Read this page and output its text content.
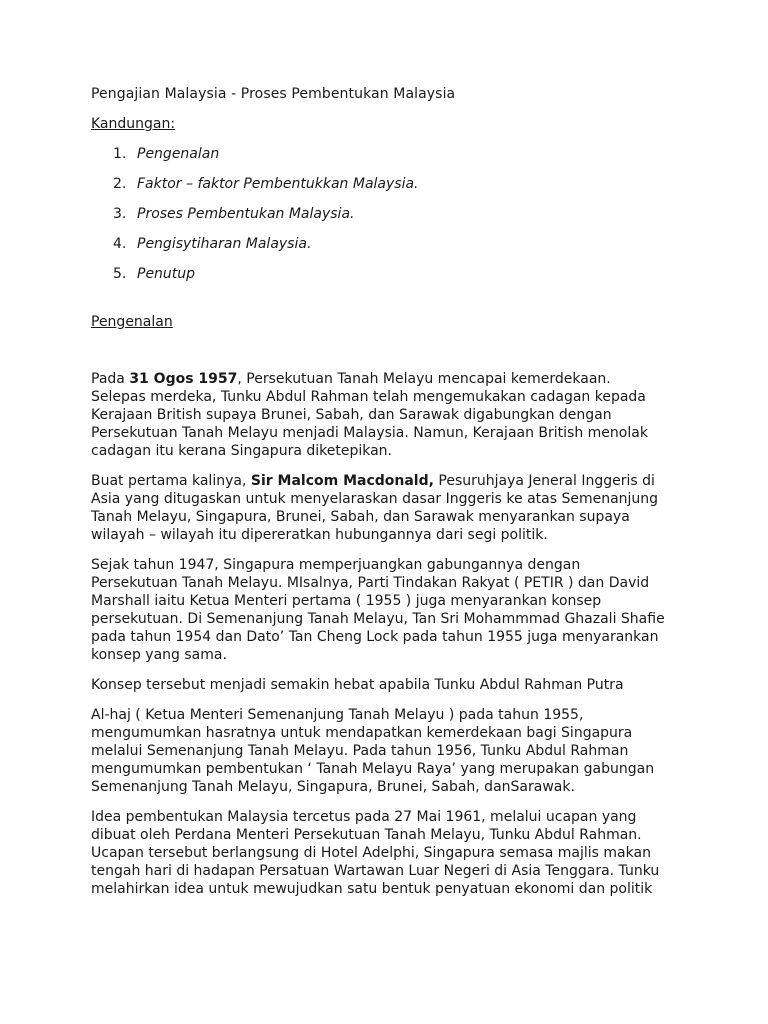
Pengajian Malaysia - Proses Pembentukan Malaysia

Kandungan:

1. Pengenalan
2. Faktor – faktor Pembentukkan Malaysia.
3. Proses Pembentukan Malaysia.
4. Pengisytiharan Malaysia.
5. Penutup

Pengenalan

Pada 31 Ogos 1957, Persekutuan Tanah Melayu mencapai kemerdekaan.
Selepas merdeka, Tunku Abdul Rahman telah mengemukakan cadagan kepada
Kerajaan British supaya Brunei, Sabah, dan Sarawak digabungkan dengan
Persekutuan Tanah Melayu menjadi Malaysia. Namun, Kerajaan British menolak
cadagan itu kerana Singapura diketepikan.

Buat pertama kalinya, Sir Malcom Macdonald, Pesuruhjaya Jeneral Inggeris di
Asia yang ditugaskan untuk menyelaraskan dasar Inggeris ke atas Semenanjung
Tanah Melayu, Singapura, Brunei, Sabah, dan Sarawak menyarankan supaya
wilayah – wilayah itu dipereratkan hubungannya dari segi politik.

Sejak tahun 1947, Singapura memperjuangkan gabungannya dengan
Persekutuan Tanah Melayu. MIsalnya, Parti Tindakan Rakyat ( PETIR ) dan David
Marshall iaitu Ketua Menteri pertama ( 1955 ) juga menyarankan konsep
persekutuan. Di Semenanjung Tanah Melayu, Tan Sri Mohammmad Ghazali Shafie
pada tahun 1954 dan Dato’ Tan Cheng Lock pada tahun 1955 juga menyarankan
konsep yang sama.

Konsep tersebut menjadi semakin hebat apabila Tunku Abdul Rahman Putra

Al-haj ( Ketua Menteri Semenanjung Tanah Melayu ) pada tahun 1955,
mengumumkan hasratnya untuk mendapatkan kemerdekaan bagi Singapura
melalui Semenanjung Tanah Melayu. Pada tahun 1956, Tunku Abdul Rahman
mengumumkan pembentukan ‘ Tanah Melayu Raya’ yang merupakan gabungan
Semenanjung Tanah Melayu, Singapura, Brunei, Sabah, danSarawak.

Idea pembentukan Malaysia tercetus pada 27 Mai 1961, melalui ucapan yang
dibuat oleh Perdana Menteri Persekutuan Tanah Melayu, Tunku Abdul Rahman.
Ucapan tersebut berlangsung di Hotel Adelphi, Singapura semasa majlis makan
tengah hari di hadapan Persatuan Wartawan Luar Negeri di Asia Tenggara. Tunku
melahirkan idea untuk mewujudkan satu bentuk penyatuan ekonomi dan politik
